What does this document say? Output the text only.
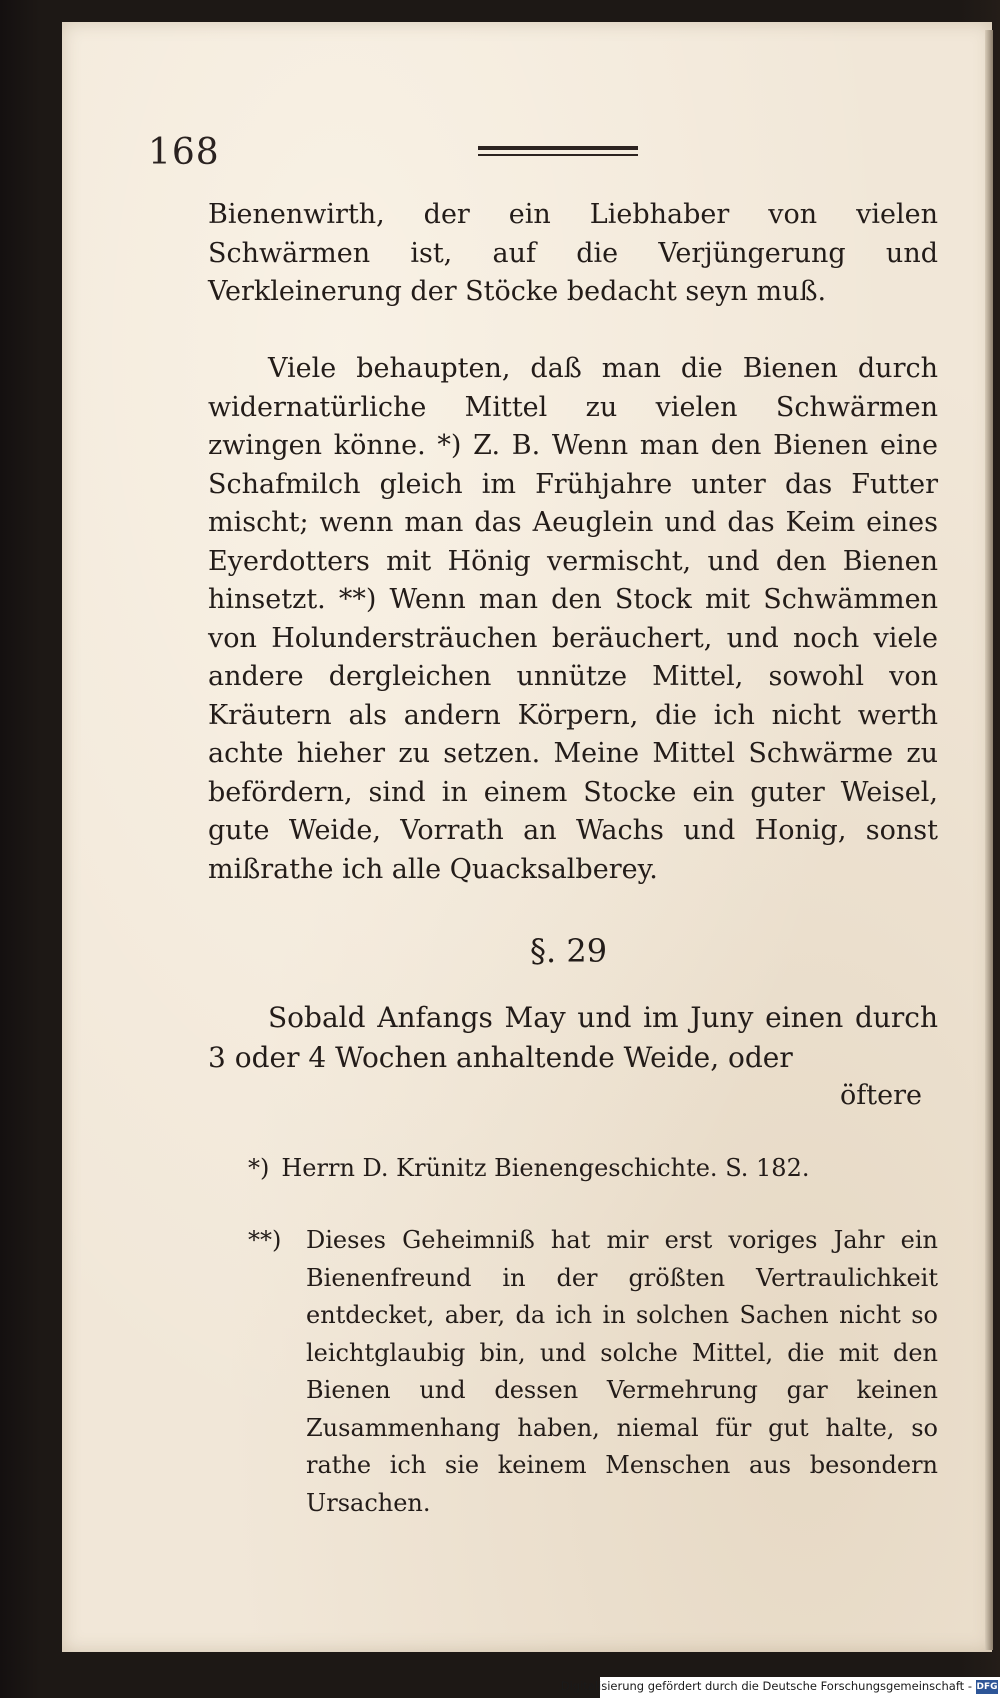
168
Bienenwirth, der ein Liebhaber von vielen Schwärmen ist, auf die Verjüngerung und Verkleinerung der Stöcke bedacht seyn muß.
Viele behaupten, daß man die Bienen durch widernatürliche Mittel zu vielen Schwärmen zwingen könne. *) Z. B. Wenn man den Bienen eine Schafmilch gleich im Frühjahre unter das Futter mischt; wenn man das Aeuglein und das Keim eines Eyerdotters mit Hönig vermischt, und den Bienen hinsetzt. **) Wenn man den Stock mit Schwämmen von Holundersträuchen beräuchert, und noch viele andere dergleichen unnütze Mittel, sowohl von Kräutern als andern Körpern, die ich nicht werth achte hieher zu setzen. Meine Mittel Schwärme zu befördern, sind in einem Stocke ein guter Weisel, gute Weide, Vorrath an Wachs und Honig, sonst mißrathe ich alle Quacksalberey.
§. 29
Sobald Anfangs May und im Juny einen durch 3 oder 4 Wochen anhaltende Weide, oder
öftere
*) Herrn D. Krünitz Bienengeschichte. S. 182.
**) Dieses Geheimniß hat mir erst voriges Jahr ein Bienenfreund in der größten Vertraulichkeit entdecket, aber, da ich in solchen Sachen nicht so leichtglaubig bin, und solche Mittel, die mit den Bienen und dessen Vermehrung gar keinen Zusammenhang haben, niemal für gut halte, so rathe ich sie keinem Menschen aus besondern Ursachen.
Digitalisierung gefördert durch die Deutsche Forschungsgemeinschaft - DFG
